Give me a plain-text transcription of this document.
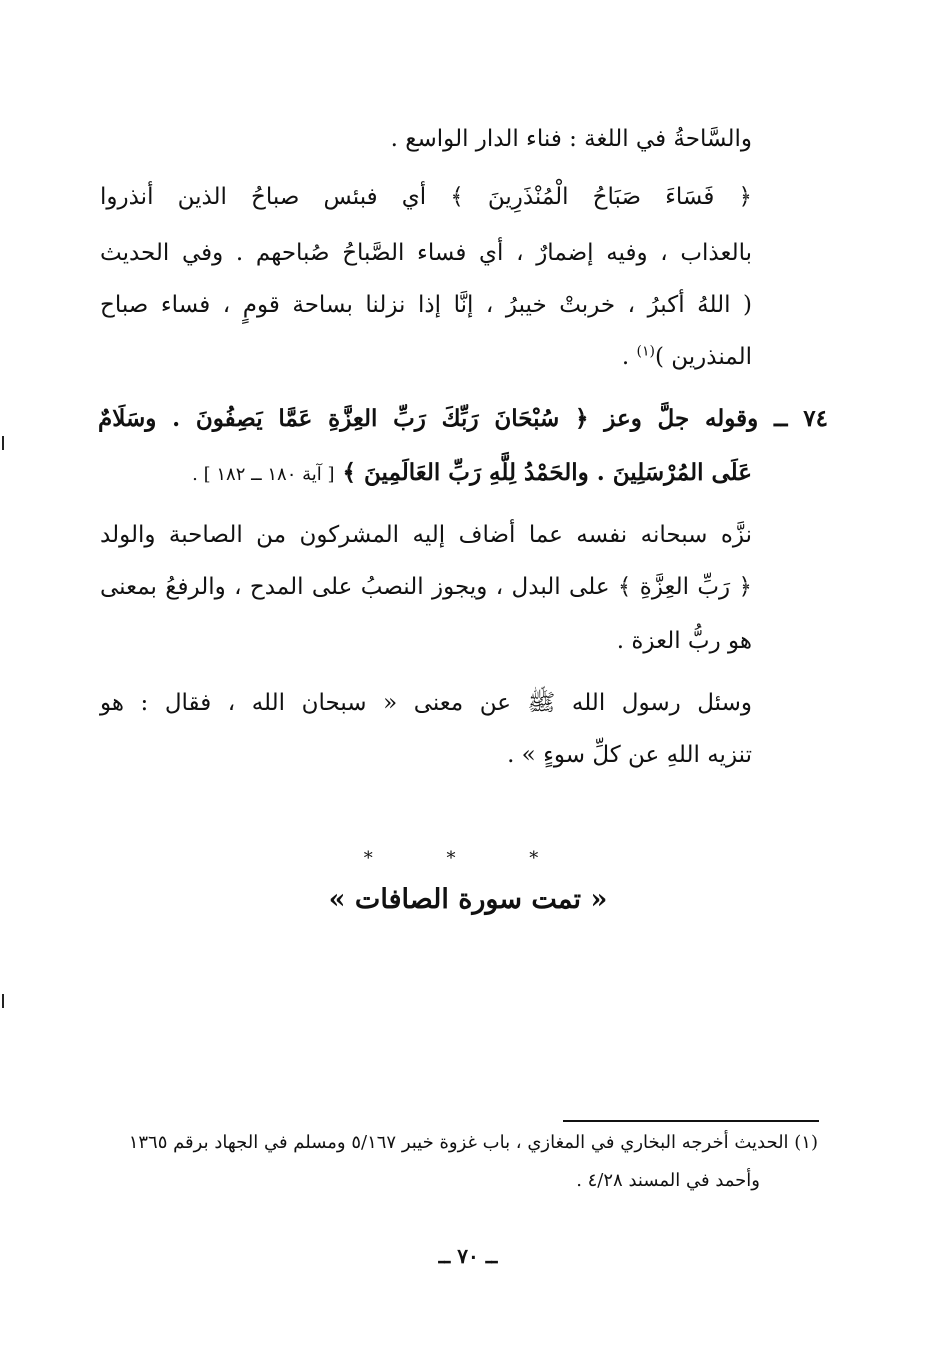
والسَّاحةُ في اللغة : فناء الدار الواسع .
﴿ فَسَاءَ صَبَاحُ الْمُنْذَرِينَ ﴾ أي فبئس صباحُ الذين أنذروا
بالعذاب ، وفيه إضمارٌ ، أي فساء الصَّباحُ صُباحهم . وفي الحديث
( اللهُ أكبرُ ، خربتْ خيبرُ ، إنَّا إذا نزلنا بساحة قومٍ ، فساء صباح
المنذرين )$^{(١)}$ .
٧٤ ــ وقوله جلَّ وعز ﴿ سُبْحَانَ رَبِّكَ رَبِّ العِزَّةِ عَمَّا يَصِفُونَ . وسَلَامٌ
عَلَى المُرْسَلِينَ . والحَمْدُ لِلَّهِ رَبِّ العَالَمِينَ ﴾ [ آية ١٨٠ ــ ١٨٢ ] .
نزَّه سبحانه نفسه عما أضاف إليه المشركون من الصاحبة والولد
﴿ رَبِّ العِزَّةِ ﴾ على البدل ، ويجوز النصبُ على المدح ، والرفعُ بمعنى
هو ربُّ العزة .
وسئل رسول الله ﷺ عن معنى « سبحان الله ، فقال : هو
تنزيه اللهِ عن كلِّ سوءٍ » .
* * *
« تمت سورة الصافات »
(١) الحديث أخرجه البخاري في المغازي ، باب غزوة خيبر ٥/١٦٧ ومسلم في الجهاد برقم ١٣٦٥
وأحمد في المسند ٤/٢٨ .
ــ ٧٠ ــ
